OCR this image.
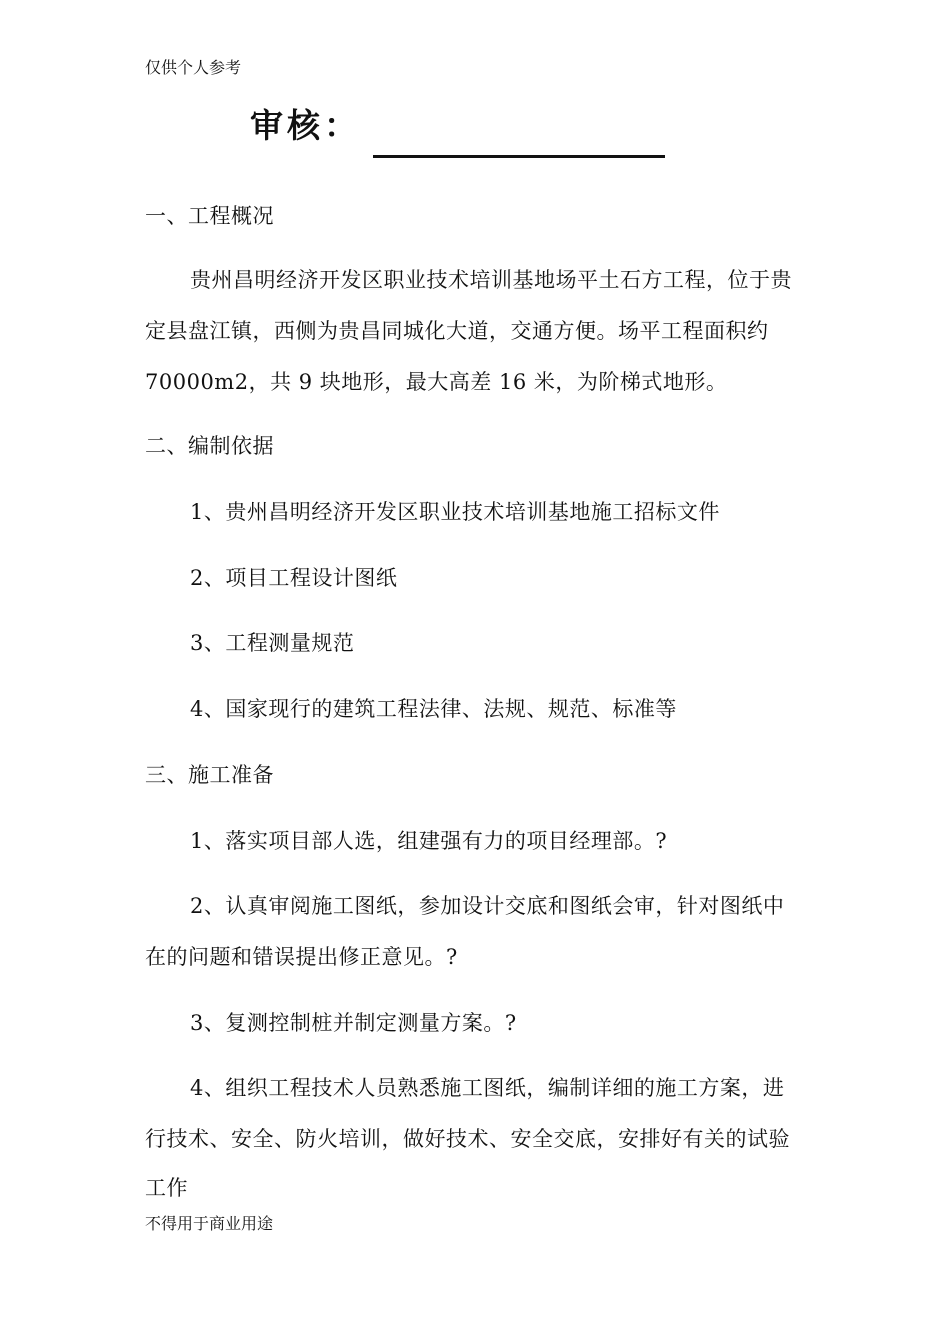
仅供个人参考
审核：
一、工程概况
贵州昌明经济开发区职业技术培训基地场平土石方工程，位于贵
定县盘江镇，西侧为贵昌同城化大道，交通方便。场平工程面积约
70000m2，共 9 块地形，最大高差 16 米，为阶梯式地形。
二、编制依据
1、贵州昌明经济开发区职业技术培训基地施工招标文件
2、项目工程设计图纸
3、工程测量规范
4、国家现行的建筑工程法律、法规、规范、标准等
三、施工准备
1、落实项目部人选，组建强有力的项目经理部。?
2、认真审阅施工图纸，参加设计交底和图纸会审，针对图纸中
在的问题和错误提出修正意见。?
3、复测控制桩并制定测量方案。?
4、组织工程技术人员熟悉施工图纸，编制详细的施工方案，进
行技术、安全、防火培训，做好技术、安全交底，安排好有关的试验
工作
不得用于商业用途
